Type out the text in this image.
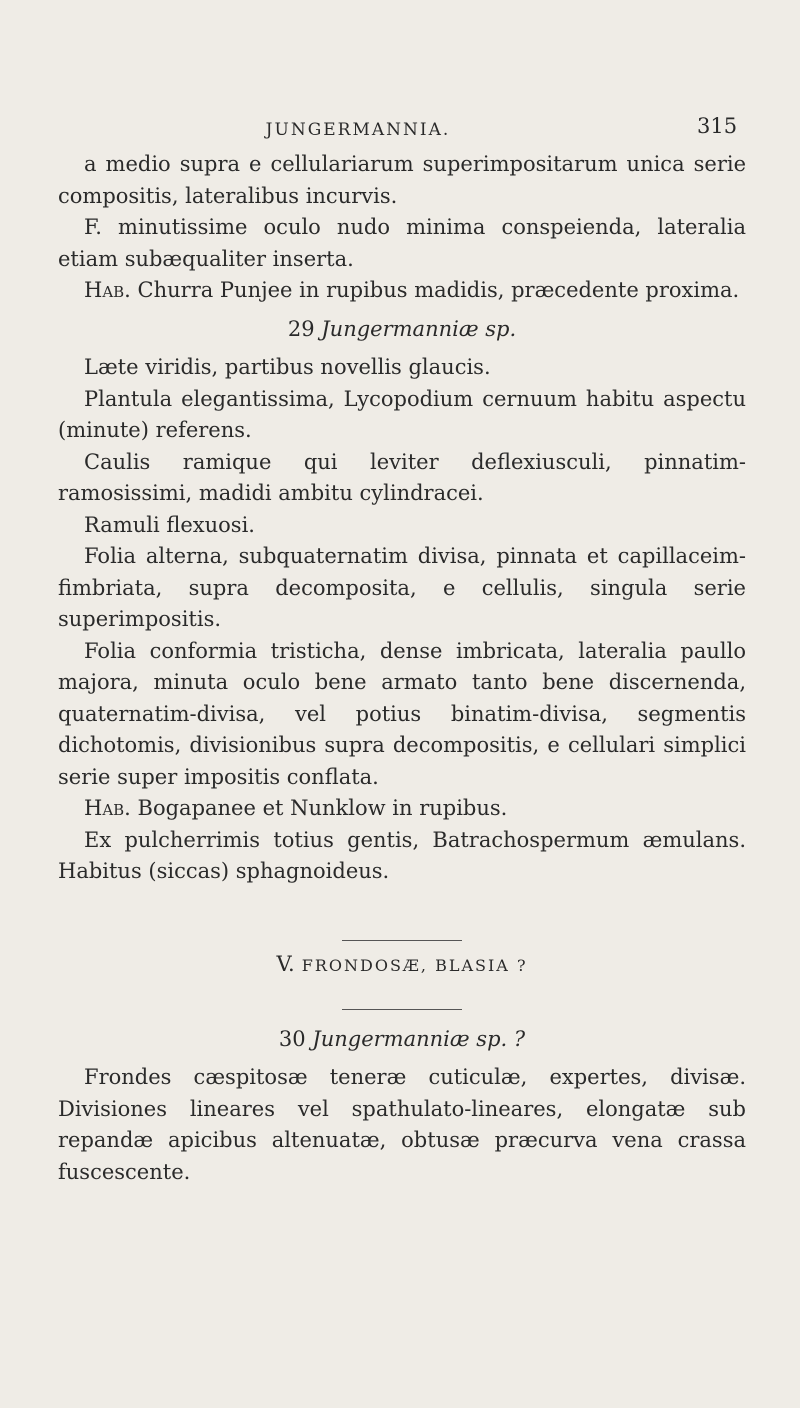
JUNGERMANNIA.	315

a medio supra e cellulariarum superimpositarum unica serie compositis, lateralibus incurvis.

F. minutissime oculo nudo minima conspeienda, lateralia etiam subæqualiter inserta.

Hab. Churra Punjee in rupibus madidis, præcedente proxima.

29 Jungermanniæ sp.

Læte viridis, partibus novellis glaucis.

Plantula elegantissima, Lycopodium cernuum habitu aspectu (minute) referens.

Caulis ramique qui leviter deflexiusculi, pinnatim-ramosissimi, madidi ambitu cylindracei.

Ramuli flexuosi.

Folia alterna, subquaternatim divisa, pinnata et capillaceim-fimbriata, supra decomposita, e cellulis, singula serie superimpositis.

Folia conformia tristicha, dense imbricata, lateralia paullo majora, minuta oculo bene armato tanto bene discernenda, quaternatim-divisa, vel potius binatim-divisa, segmentis dichotomis, divisionibus supra decompositis, e cellulari simplici serie super impositis conflata.

Hab. Bogapanee et Nunklow in rupibus.

Ex pulcherrimis totius gentis, Batrachospermum æmulans. Habitus (siccas) sphagnoideus.

V. FRONDOSÆ, BLASIA ?
30 Jungermanniæ sp. ?

Frondes cæspitosæ teneræ cuticulæ, expertes, divisæ. Divisiones lineares vel spathulato-lineares, elongatæ sub repandæ apicibus altenuatæ, obtusæ præcurva vena crassa fuscescente.
